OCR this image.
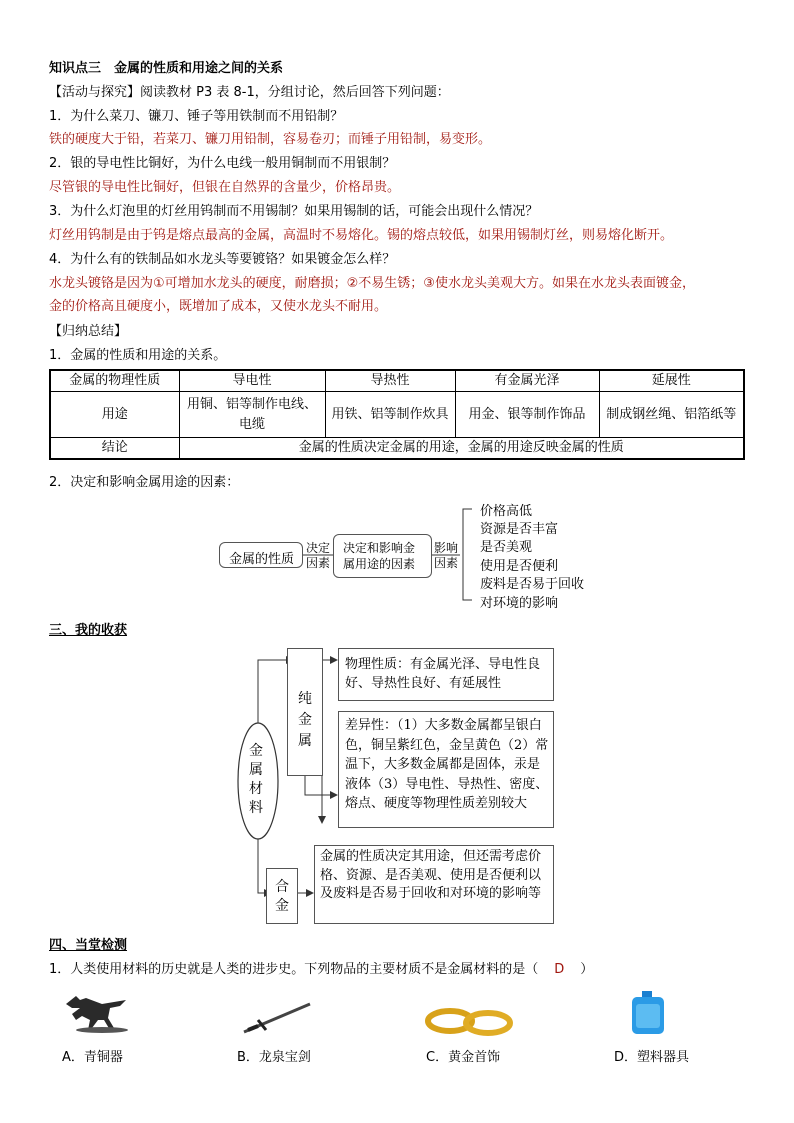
知识点三　金属的性质和用途之间的关系
【活动与探究】阅读教材 P3 表 8-1，分组讨论，然后回答下列问题：
1．为什么菜刀、镰刀、锤子等用铁制而不用铅制？
铁的硬度大于铅，若菜刀、镰刀用铅制，容易卷刃；而锤子用铅制，易变形。
2．银的导电性比铜好，为什么电线一般用铜制而不用银制？
尽管银的导电性比铜好，但银在自然界的含量少，价格昂贵。
3．为什么灯泡里的灯丝用钨制而不用锡制？如果用锡制的话，可能会出现什么情况？
灯丝用钨制是由于钨是熔点最高的金属，高温时不易熔化。锡的熔点较低，如果用锡制灯丝，则易熔化断开。
4．为什么有的铁制品如水龙头等要镀铬？如果镀金怎么样？
水龙头镀铬是因为①可增加水龙头的硬度，耐磨损；②不易生锈；③使水龙头美观大方。如果在水龙头表面镀金，
金的价格高且硬度小，既增加了成本，又使水龙头不耐用。
【归纳总结】
1．金属的性质和用途的关系。
金属的物理性质	导电性	导热性	有金属光泽	延展性
用途	用铜、铝等制作电线、电缆	用铁、铝等制作炊具	用金、银等制作饰品	制成钢丝绳、铝箔纸等
结论	金属的性质决定金属的用途，金属的用途反映金属的性质			
2．决定和影响金属用途的因素：
金属的性质
决定因素
决定和影响金属用途的因素
影响因素
价格高低
资源是否丰富
是否美观
使用是否便利
废料是否易于回收
对环境的影响
三、我的收获
金属材料
纯金属
合金
物理性质：有金属光泽、导电性良好、导热性良好、有延展性
差异性：（1）大多数金属都呈银白色，铜呈紫红色，金呈黄色（2）常温下，大多数金属都是固体，汞是液体（3）导电性、导热性、密度、熔点、硬度等物理性质差别较大
金属的性质决定其用途，但还需考虑价格、资源、是否美观、使用是否便利以及废料是否易于回收和对环境的影响等
四、当堂检测
1．人类使用材料的历史就是人类的进步史。下列物品的主要材质不是金属材料的是（ D ）
A．青铜器	B．龙泉宝剑	C．黄金首饰	D．塑料器具
